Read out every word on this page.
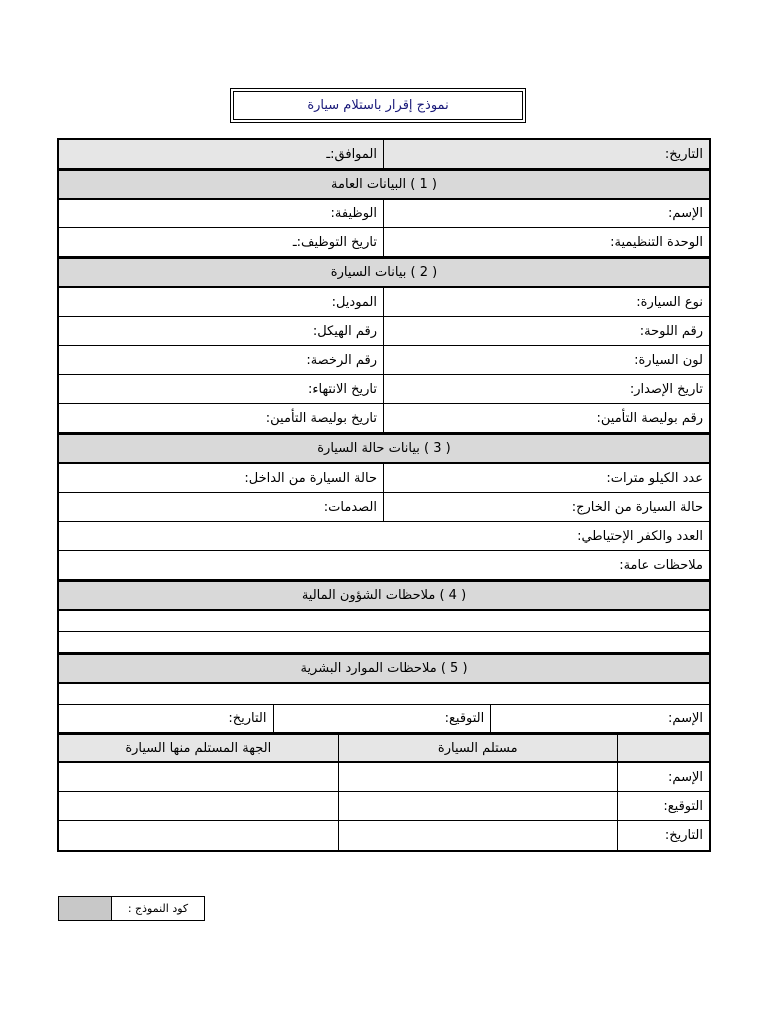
نموذج إقرار باستلام سيارة
التاريخ:
الموافق:ـ
( 1 ) البيانات العامة
الإسم:
الوظيفة:
الوحدة التنظيمية:
تاريخ التوظيف:ـ
( 2 ) بيانات السيارة
نوع السيارة:
الموديل:
رقم اللوحة:
رقم الهيكل:
لون السيارة:
رقم الرخصة:
تاريخ الإصدار:
تاريخ الانتهاء:
رقم بوليصة التأمين:
تاريخ بوليصة التأمين:
( 3 ) بيانات حالة السيارة
عدد الكيلو مترات:
حالة السيارة من الداخل:
حالة السيارة من الخارج:
الصدمات:
العدد والكفر الإحتياطي:
ملاحظات عامة:
( 4 ) ملاحظات الشؤون المالية
( 5 ) ملاحظات الموارد البشرية
الإسم:
التوقيع:
التاريخ:
مستلم السيارة
الجهة المستلم منها السيارة
الإسم:
التوقيع:
التاريخ:
كود النموذج :
